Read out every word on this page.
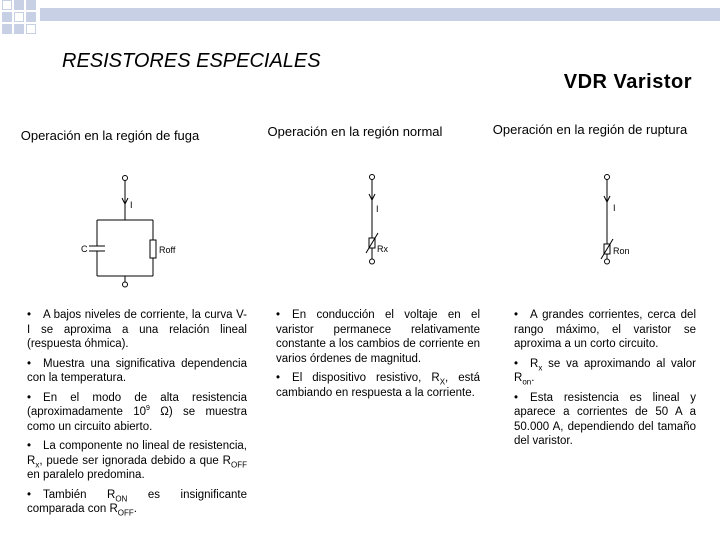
RESISTORES ESPECIALES
VDR Varistor
Operación en la región de fuga	Operación en la región normal	Operación en la región de ruptura
I
C	Roff
I
Rx
I
Ron

• A bajos niveles de corriente, la curva V-I se aproxima a una relación lineal (respuesta óhmica).

• Muestra una significativa dependencia con la temperatura.

• En el modo de alta resistencia (aproximadamente $10^9$ Ω) se muestra como un circuito abierto.

• La componente no lineal de resistencia, $R_x$, puede ser ignorada debido a que $R_{OFF}$ en paralelo predomina.

• También $R_{ON}$ es insignificante comparada con $R_{OFF}$.

• En conducción el voltaje en el varistor permanece relativamente constante a los cambios de corriente en varios órdenes de magnitud.

• El dispositivo resistivo, $R_X$, está cambiando en respuesta a la corriente.

• A grandes corrientes, cerca del rango máximo, el varistor se aproxima a un corto circuito.

• $R_x$ se va aproximando al valor $R_{on}$.

• Esta resistencia es lineal y aparece a corrientes de 50 A a 50.000 A, dependiendo del tamaño del varistor.
